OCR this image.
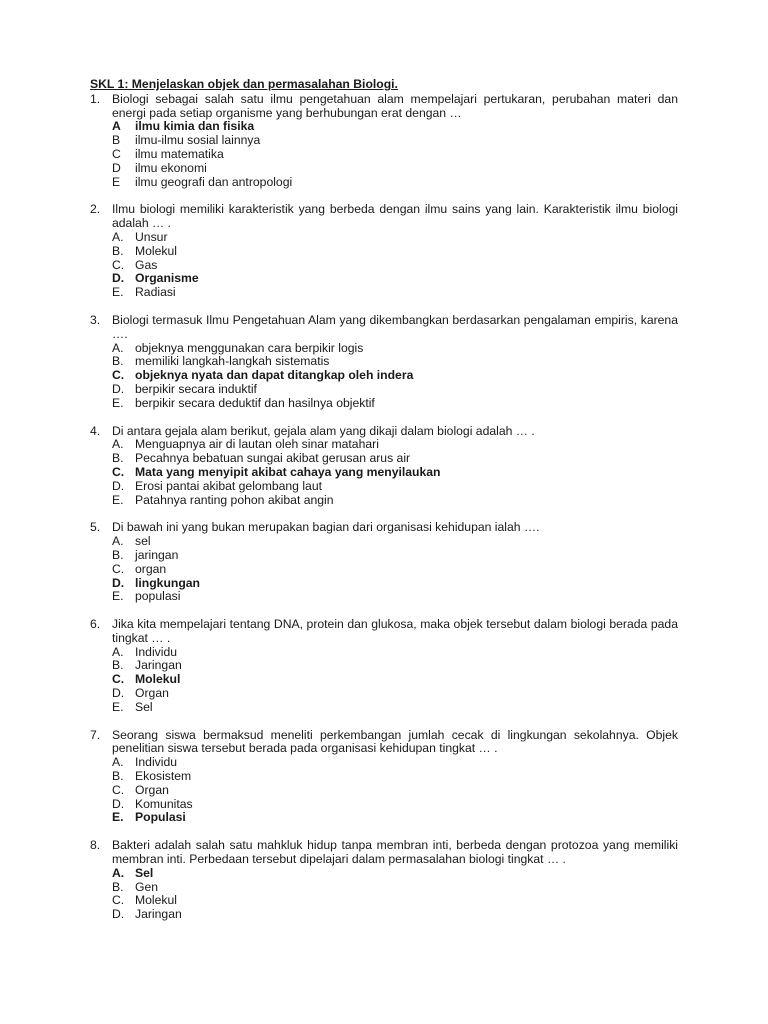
SKL 1: Menjelaskan objek dan permasalahan Biologi.
1. Biologi sebagai salah satu ilmu pengetahuan alam mempelajari pertukaran, perubahan materi dan energi pada setiap organisme yang berhubungan erat dengan …
A	ilmu kimia dan fisika
B	ilmu-ilmu sosial lainnya
C	ilmu matematika
D	ilmu ekonomi
E	ilmu geografi dan antropologi
2. Ilmu biologi memiliki karakteristik yang berbeda dengan ilmu sains yang lain. Karakteristik ilmu biologi adalah … .
A. Unsur
B. Molekul
C. Gas
D. Organisme
E. Radiasi
3. Biologi termasuk Ilmu Pengetahuan Alam yang dikembangkan berdasarkan pengalaman empiris, karena ….
A. objeknya menggunakan cara berpikir logis
B. memiliki langkah-langkah sistematis
C. objeknya nyata dan dapat ditangkap oleh indera
D. berpikir secara induktif
E. berpikir secara deduktif dan hasilnya objektif
4. Di antara gejala alam berikut, gejala alam yang dikaji dalam biologi adalah … .
A. Menguapnya air di lautan oleh sinar matahari
B. Pecahnya bebatuan sungai akibat gerusan arus air
C. Mata yang menyipit akibat cahaya yang menyilaukan
D. Erosi pantai akibat gelombang laut
E. Patahnya ranting pohon akibat angin
5. Di bawah ini yang bukan merupakan bagian dari organisasi kehidupan ialah ….
A. sel
B. jaringan
C. organ
D. lingkungan
E. populasi
6. Jika kita mempelajari tentang DNA, protein dan glukosa, maka objek tersebut dalam biologi berada pada tingkat … .
A. Individu
B. Jaringan
C. Molekul
D. Organ
E. Sel
7. Seorang siswa bermaksud meneliti perkembangan jumlah cecak di lingkungan sekolahnya. Objek penelitian siswa tersebut berada pada organisasi kehidupan tingkat … .
A. Individu
B. Ekosistem
C. Organ
D. Komunitas
E. Populasi
8. Bakteri adalah salah satu mahkluk hidup tanpa membran inti, berbeda dengan protozoa yang memiliki membran inti. Perbedaan tersebut dipelajari dalam permasalahan biologi tingkat … .
A. Sel
B. Gen
C. Molekul
D. Jaringan
